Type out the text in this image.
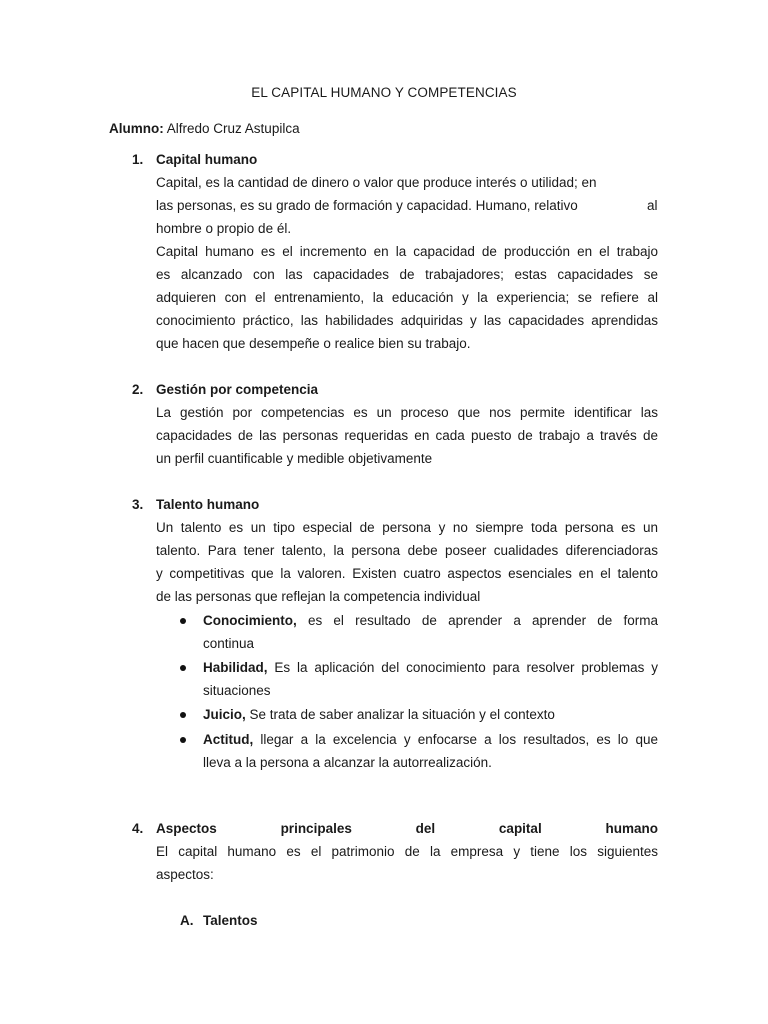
EL CAPITAL HUMANO Y COMPETENCIAS
Alumno: Alfredo Cruz Astupilca
1. Capital humano
Capital, es la cantidad de dinero o valor que produce interés o utilidad; en
las personas, es su grado de formación y capacidad. Humano, relativo	al
hombre o propio de él.
Capital humano es el incremento en la capacidad de producción en el trabajo
es alcanzado con las capacidades de trabajadores; estas capacidades se
adquieren con el entrenamiento, la educación y la experiencia; se refiere al
conocimiento práctico, las habilidades adquiridas y las capacidades aprendidas
que hacen que desempeñe o realice bien su trabajo.
2. Gestión por competencia
La gestión por competencias es un proceso que nos permite identificar las
capacidades de las personas requeridas en cada puesto de trabajo a través de
un perfil cuantificable y medible objetivamente
3. Talento humano
Un talento es un tipo especial de persona y no siempre toda persona es un
talento. Para tener talento, la persona debe poseer cualidades diferenciadoras
y competitivas que la valoren. Existen cuatro aspectos esenciales en el talento
de las personas que reflejan la competencia individual
Conocimiento, es el resultado de aprender a aprender de forma
continua
Habilidad, Es la aplicación del conocimiento para resolver problemas y
situaciones
Juicio, Se trata de saber analizar la situación y el contexto
Actitud, llegar a la excelencia y enfocarse a los resultados, es lo que
lleva a la persona a alcanzar la autorrealización.
4. Aspectos	principales	del	capital	humano
El capital humano es el patrimonio de la empresa y tiene los siguientes
aspectos:
A. Talentos
